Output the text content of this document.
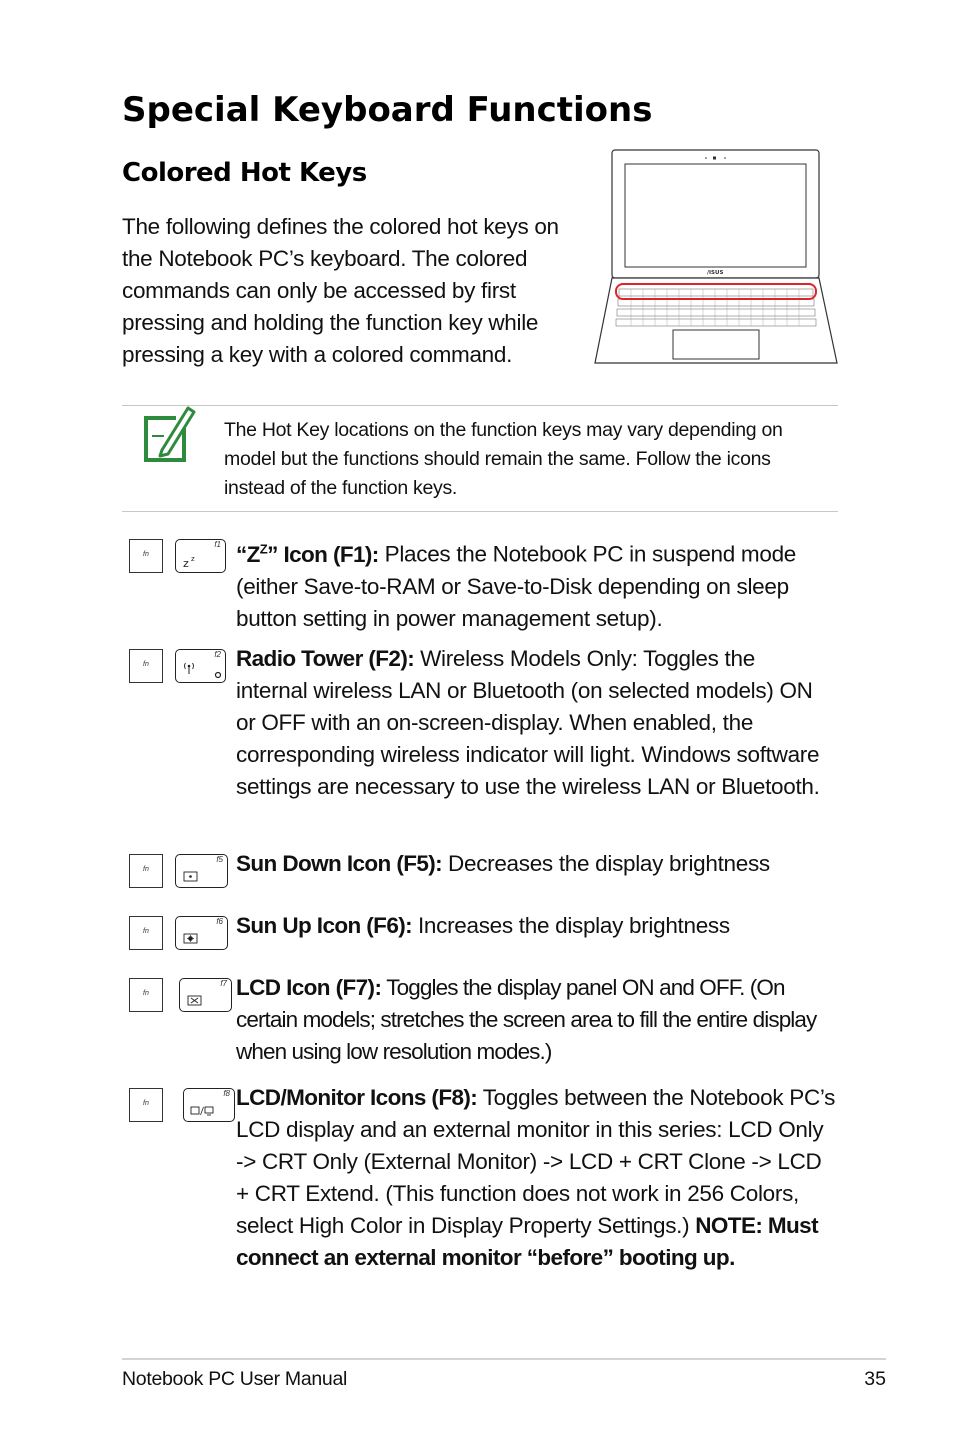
Special Keyboard Functions
Colored Hot Keys

The following defines the colored hot keys on the Notebook PC’s keyboard. The colored commands can only be accessed by first pressing and holding the function key while pressing a key with a colored command.

/ISUS

The Hot Key locations on the function keys may vary depending on model but the functions should remain the same. Follow the icons instead of the function keys.

fn
f1
z z “$Z^Z$” Icon (F1): Places the Notebook PC in suspend mode (either Save-to-RAM or Save-to-Disk depending on sleep button setting in power management setup).

fn
f2 Radio Tower (F2): Wireless Models Only: Toggles the internal wireless LAN or Bluetooth (on selected models) ON or OFF with an on-screen-display. When enabled, the corresponding wireless indicator will light. Windows software settings are necessary to use the wireless LAN or Bluetooth.

fn
f5 Sun Down Icon (F5): Decreases the display brightness

fn
f6 Sun Up Icon (F6): Increases the display brightness

fn
f7 LCD Icon (F7): Toggles the display panel ON and OFF. (On certain models; stretches the screen area to fill the entire display when using low resolution modes.)

fn
f8 LCD/Monitor Icons (F8): Toggles between the Notebook PC’s LCD display and an external monitor in this series: LCD Only -> CRT Only (External Monitor) -> LCD + CRT Clone -> LCD + CRT Extend. (This function does not work in 256 Colors, select High Color in Display Property Settings.) NOTE: Must connect an external monitor “before” booting up.

Notebook PC User Manual	35
